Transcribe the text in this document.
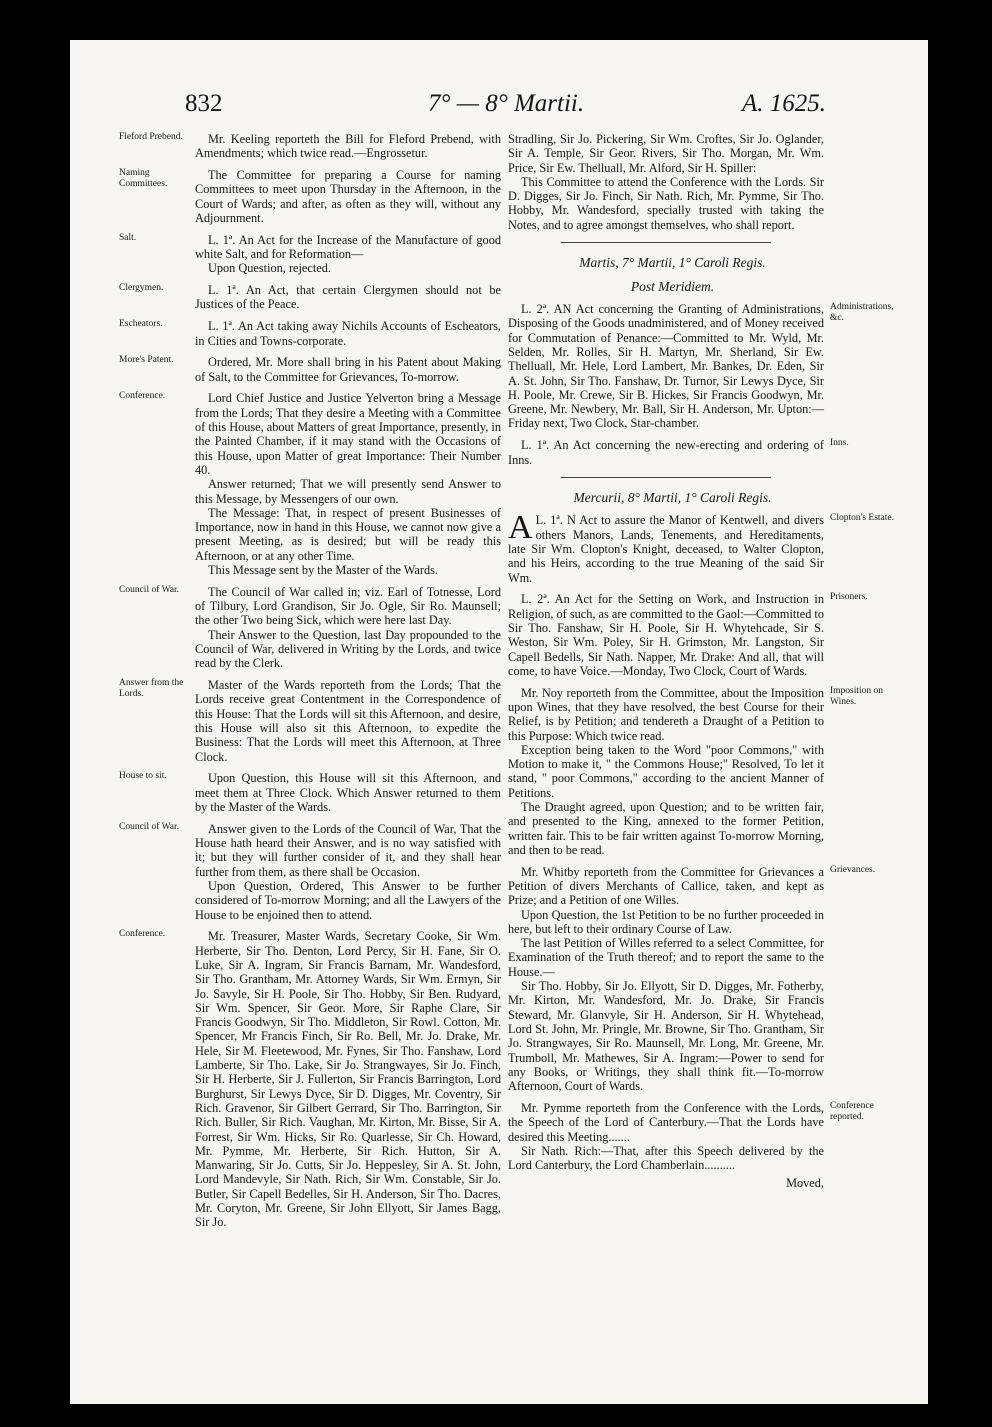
832	7° — 8° Martii.	A. 1625.

Fleford Prebend. Mr. Keeling reporteth the Bill for Fleford Prebend, with Amendments; which twice read.—Engrossetur.

Naming Committees.
The Committee for preparing a Course for naming Committees to meet upon Thursday in the Afternoon, in the Court of Wards; and after, as often as they will, without any Adjournment.

Salt.	L. 1ª. An Act for the Increase of the Manufacture of good white Salt, and for Reformation—

Upon Question, rejected.

Clergymen.	L. 1ª. An Act, that certain Clergymen should not be Justices of the Peace.

Escheators.	L. 1ª. An Act taking away Nichils Accounts of Escheators, in Cities and Towns-corporate.

More's Patent.	Ordered, Mr. More shall bring in his Patent about Making of Salt, to the Committee for Grievances, To-morrow.

Conference.	Lord Chief Justice and Justice Yelverton bring a Message from the Lords; That they desire a Meeting with a Committee of this House, about Matters of great Importance, presently, in the Painted Chamber, if it may stand with the Occasions of this House, upon Matter of great Importance: Their Number 40.

Answer returned; That we will presently send Answer to this Message, by Messengers of our own.

The Message: That, in respect of present Businesses of Importance, now in hand in this House, we cannot now give a present Meeting, as is desired; but will be ready this Afternoon, or at any other Time.

This Message sent by the Master of the Wards.

Council of War.	The Council of War called in; viz. Earl of Totnesse, Lord of Tilbury, Lord Grandison, Sir Jo. Ogle, Sir Ro. Maunsell; the other Two being Sick, which were here last Day.

Their Answer to the Question, last Day propounded to the Council of War, delivered in Writing by the Lords, and twice read by the Clerk.

Answer from the Lords.
Master of the Wards reporteth from the Lords; That the Lords receive great Contentment in the Correspondence of this House: That the Lords will sit this Afternoon, and desire, this House will also sit this Afternoon, to expedite the Business: That the Lords will meet this Afternoon, at Three Clock.

House to sit.	Upon Question, this House will sit this Afternoon, and meet them at Three Clock. Which Answer returned to them by the Master of the Wards.

Council of War.	Answer given to the Lords of the Council of War, That the House hath heard their Answer, and is no way satisfied with it; but they will further consider of it, and they shall hear further from them, as there shall be Occasion.

Upon Question, Ordered, This Answer to be further considered of To-morrow Morning; and all the Lawyers of the House to be enjoined then to attend.

Conference.	Mr. Treasurer, Master Wards, Secretary Cooke, Sir Wm. Herberte, Sir Tho. Denton, Lord Percy, Sir H. Fane, Sir O. Luke, Sir A. Ingram, Sir Francis Barnam, Mr. Wandesford, Sir Tho. Grantham, Mr. Attorney Wards, Sir Wm. Ermyn, Sir Jo. Savyle, Sir H. Poole, Sir Tho. Hobby, Sir Ben. Rudyard, Sir Wm. Spencer, Sir Geor. More, Sir Raphe Clare, Sir Francis Goodwyn, Sir Tho. Middleton, Sir Rowl. Cotton, Mr. Spencer, Mr Francis Finch, Sir Ro. Bell, Mr. Jo. Drake, Mr. Hele, Sir M. Fleetewood, Mr. Fynes, Sir Tho. Fanshaw, Lord Lamberte, Sir Tho. Lake, Sir Jo. Strangwayes, Sir Jo. Finch, Sir H. Herberte, Sir J. Fullerton, Sir Francis Barrington, Lord Burghurst, Sir Lewys Dyce, Sir D. Digges, Mr. Coventry, Sir Rich. Gravenor, Sir Gilbert Gerrard, Sir Tho. Barrington, Sir Rich. Buller, Sir Rich. Vaughan, Mr. Kirton, Mr. Bisse, Sir A. Forrest, Sir Wm. Hicks, Sir Ro. Quarlesse, Sir Ch. Howard, Mr. Pymme, Mr. Herberte, Sir Rich. Hutton, Sir A. Manwaring, Sir Jo. Cutts, Sir Jo. Heppesley, Sir A. St. John, Lord Mandevyle, Sir Nath. Rich, Sir Wm. Constable, Sir Jo. Butler, Sir Capell Bedelles, Sir H. Anderson, Sir Tho. Dacres, Mr. Coryton, Mr. Greene, Sir John Ellyott, Sir James Bagg, Sir Jo.

Stradling, Sir Jo. Pickering, Sir Wm. Croftes, Sir Jo. Oglander, Sir A. Temple, Sir Geor. Rivers, Sir Tho. Morgan, Mr. Wm. Price, Sir Ew. Thelluall, Mr. Alford, Sir H. Spiller:

This Committee to attend the Conference with the Lords. Sir D. Digges, Sir Jo. Finch, Sir Nath. Rich, Mr. Pymme, Sir Tho. Hobby, Mr. Wandesford, specially trusted with taking the Notes, and to agree amongst themselves, who shall report.

Martis, 7° Martii, 1° Caroli Regis.

Post Meridiem.

Administrations, &c.
L. 2ª. AN Act concerning the Granting of Administrations, Disposing of the Goods unadministered, and of Money received for Commutation of Penance:—Committed to Mr. Wyld, Mr. Selden, Mr. Rolles, Sir H. Martyn, Mr. Sherland, Sir Ew. Thelluall, Mr. Hele, Lord Lambert, Mr. Bankes, Dr. Eden, Sir A. St. John, Sir Tho. Fanshaw, Dr. Turnor, Sir Lewys Dyce, Sir H. Poole, Mr. Crewe, Sir B. Hickes, Sir Francis Goodwyn, Mr. Greene, Mr. Newbery, Mr. Ball, Sir H. Anderson, Mr. Upton:—Friday next, Two Clock, Star-chamber.

Inns.
L. 1ª. An Act concerning the new-erecting and ordering of Inns.

Mercurii, 8° Martii, 1° Caroli Regis.

Clopton's Estate.
L. 1ª.
A	N Act to assure the Manor of Kentwell, and divers others Manors, Lands, Tenements, and Hereditaments, late Sir Wm. Clopton's Knight, deceased, to Walter Clopton, and his Heirs, according to the true Meaning of the said Sir Wm.

Prisoners.
L. 2ª. An Act for the Setting on Work, and Instruction in Religion, of such, as are committed to the Gaol:—Committed to Sir Tho. Fanshaw, Sir H. Poole, Sir H. Whytehcade, Sir S. Weston, Sir Wm. Poley, Sir H. Grimston, Mr. Langston, Sir Capell Bedells, Sir Nath. Napper, Mr. Drake: And all, that will come, to have Voice.—Monday, Two Clock, Court of Wards.

Imposition on Wines.
Mr. Noy reporteth from the Committee, about the Imposition upon Wines, that they have resolved, the best Course for their Relief, is by Petition; and tendereth a Draught of a Petition to this Purpose: Which twice read.

Exception being taken to the Word "poor Commons," with Motion to make it, " the Commons House;" Resolved, To let it stand, " poor Commons," according to the ancient Manner of Petitions.

The Draught agreed, upon Question; and to be written fair, and presented to the King, annexed to the former Petition, written fair. This to be fair written against To-morrow Morning, and then to be read.

Grievances.
Mr. Whitby reporteth from the Committee for Grievances a Petition of divers Merchants of Callice, taken, and kept as Prize; and a Petition of one Willes.

Upon Question, the 1st Petition to be no further proceeded in here, but left to their ordinary Course of Law.

The last Petition of Willes referred to a select Committee, for Examination of the Truth thereof; and to report the same to the House.—

Sir Tho. Hobby, Sir Jo. Ellyott, Sir D. Digges, Mr. Fotherby, Mr. Kirton, Mr. Wandesford, Mr. Jo. Drake, Sir Francis Steward, Mr. Glanvyle, Sir H. Anderson, Sir H. Whytehead, Lord St. John, Mr. Pringle, Mr. Browne, Sir Tho. Grantham, Sir Jo. Strangwayes, Sir Ro. Maunsell, Mr. Long, Mr. Greene, Mr. Trumboll, Mr. Mathewes, Sir A. Ingram:—Power to send for any Books, or Writings, they shall think fit.—To-morrow Afternoon, Court of Wards.

Conference reported.
Mr. Pymme reporteth from the Conference with the Lords, the Speech of the Lord of Canterbury.—That the Lords have desired this Meeting.......

Sir Nath. Rich:—That, after this Speech delivered by the Lord Canterbury, the Lord Chamberlain..........

Moved,
